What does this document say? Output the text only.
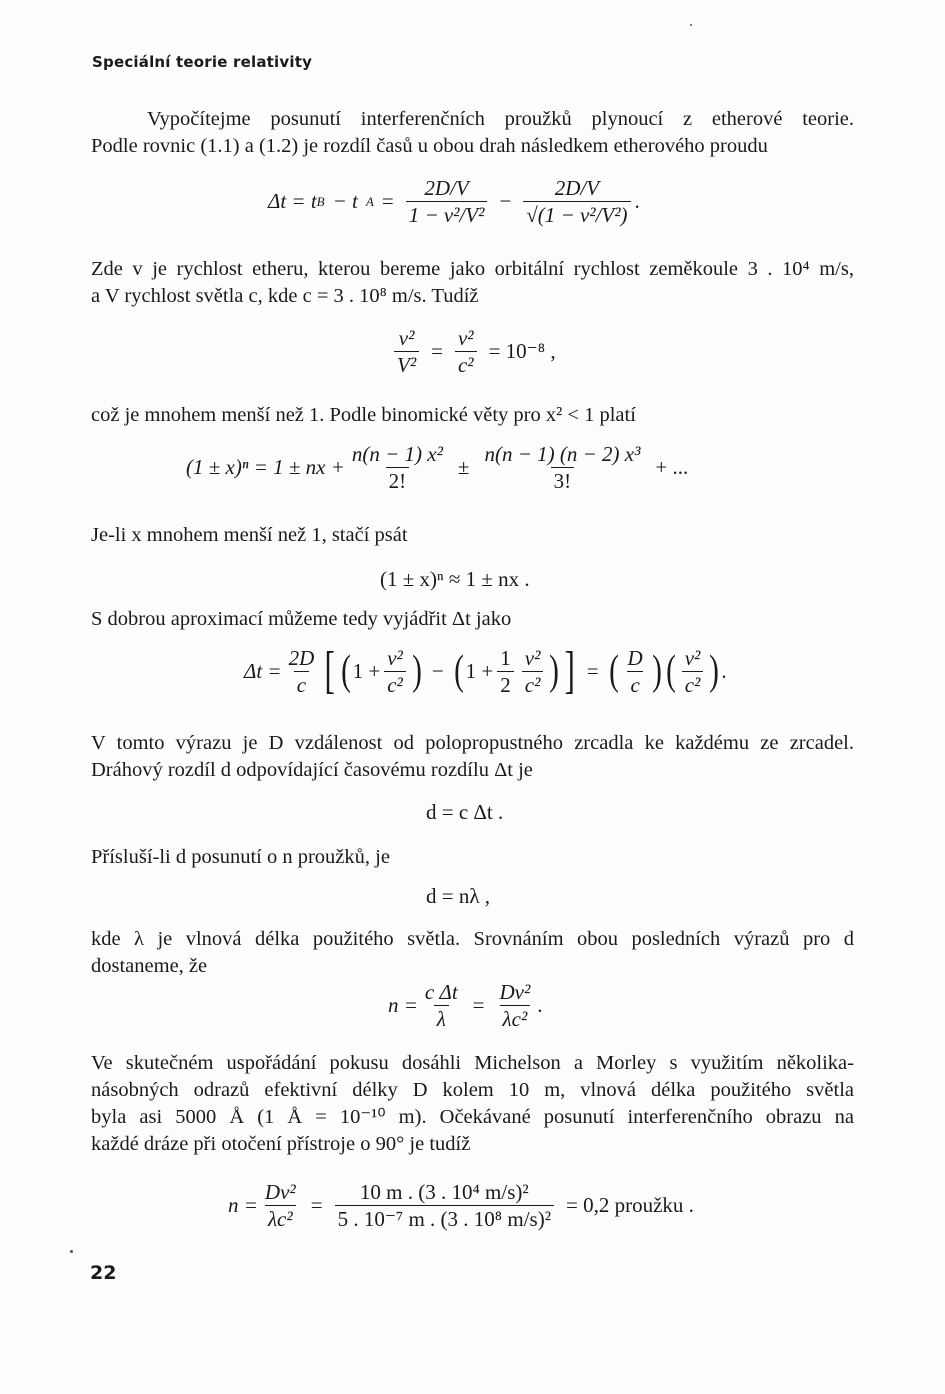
Speciální teorie relativity
Vypočítejme posunutí interferenčních proužků plynoucí z etherové teorie.
Podle rovnic (1.1) a (1.2) je rozdíl časů u obou drah následkem etherového proudu
Δt = t B − t $A = \frac{2D/V}{\text{1 − v²/V²}} - \frac{2D/V}{\text{√(1 − v²/V²)}}$ .
Zde v je rychlost etheru, kterou bereme jako orbitální rychlost zeměkoule 3 . 10⁴ m/s,
a V rychlost světla c, kde c = 3 . 10⁸ m/s. Tudíž
$\frac{\text{v²}}{\text{V²}} = \frac{\text{v²}}{\text{c²}} = 10^{-8}$ ,
což je mnohem menší než 1. Podle binomické věty pro x² < 1 platí
(1 ± x)ⁿ = 1 ± nx + $\frac{\text{n(n − 1) x²}}{2!} \pm \frac{\text{n(n − 1) (n − 2) x³}}{3!}$ + ...
Je-li x mnohem menší než 1, stačí psát
(1 ± x)ⁿ ≈ 1 ± nx .
S dobrou aproximací můžeme tedy vyjádřit Δt jako
$\Delta t = \frac{2D}{c}$ [ ( $1 + \frac{\text{v²}}{\text{c²}}$ ) − ( $1 + \frac{1}{2} \frac{\text{v²}}{\text{c²}}$ ) ] = ( $\frac{D}{c}$ ) ( $\frac{\text{v²}}{\text{c²}}$ ) .
V tomto výrazu je D vzdálenost od polopropustného zrcadla ke každému ze zrcadel.
Dráhový rozdíl d odpovídající časovému rozdílu Δt je
d = c Δt .
Přísluší-li d posunutí o n proužků, je
d = nλ ,
kde λ je vlnová délka použitého světla. Srovnáním obou posledních výrazů pro d
dostaneme, že
$n = \frac{\text{c Δt}}{\lambda} = \frac{\text{Dv²}}{\text{λc²}}$ .
Ve skutečném uspořádání pokusu dosáhli Michelson a Morley s využitím několika-
násobných odrazů efektivní délky D kolem 10 m, vlnová délka použitého světla
byla asi 5000 Å (1 Å = 10⁻¹⁰ m). Očekávané posunutí interferenčního obrazu na
každé dráze při otočení přístroje o 90° je tudíž
$n = \frac{\text{Dv²}}{\text{λc²}} = \frac{\text{10 m . (3 . 10⁴ m/s)²}}{\text{5 . 10⁻⁷ m . (3 . 10⁸ m/s)²}} = 0,2$ proužku .
22
